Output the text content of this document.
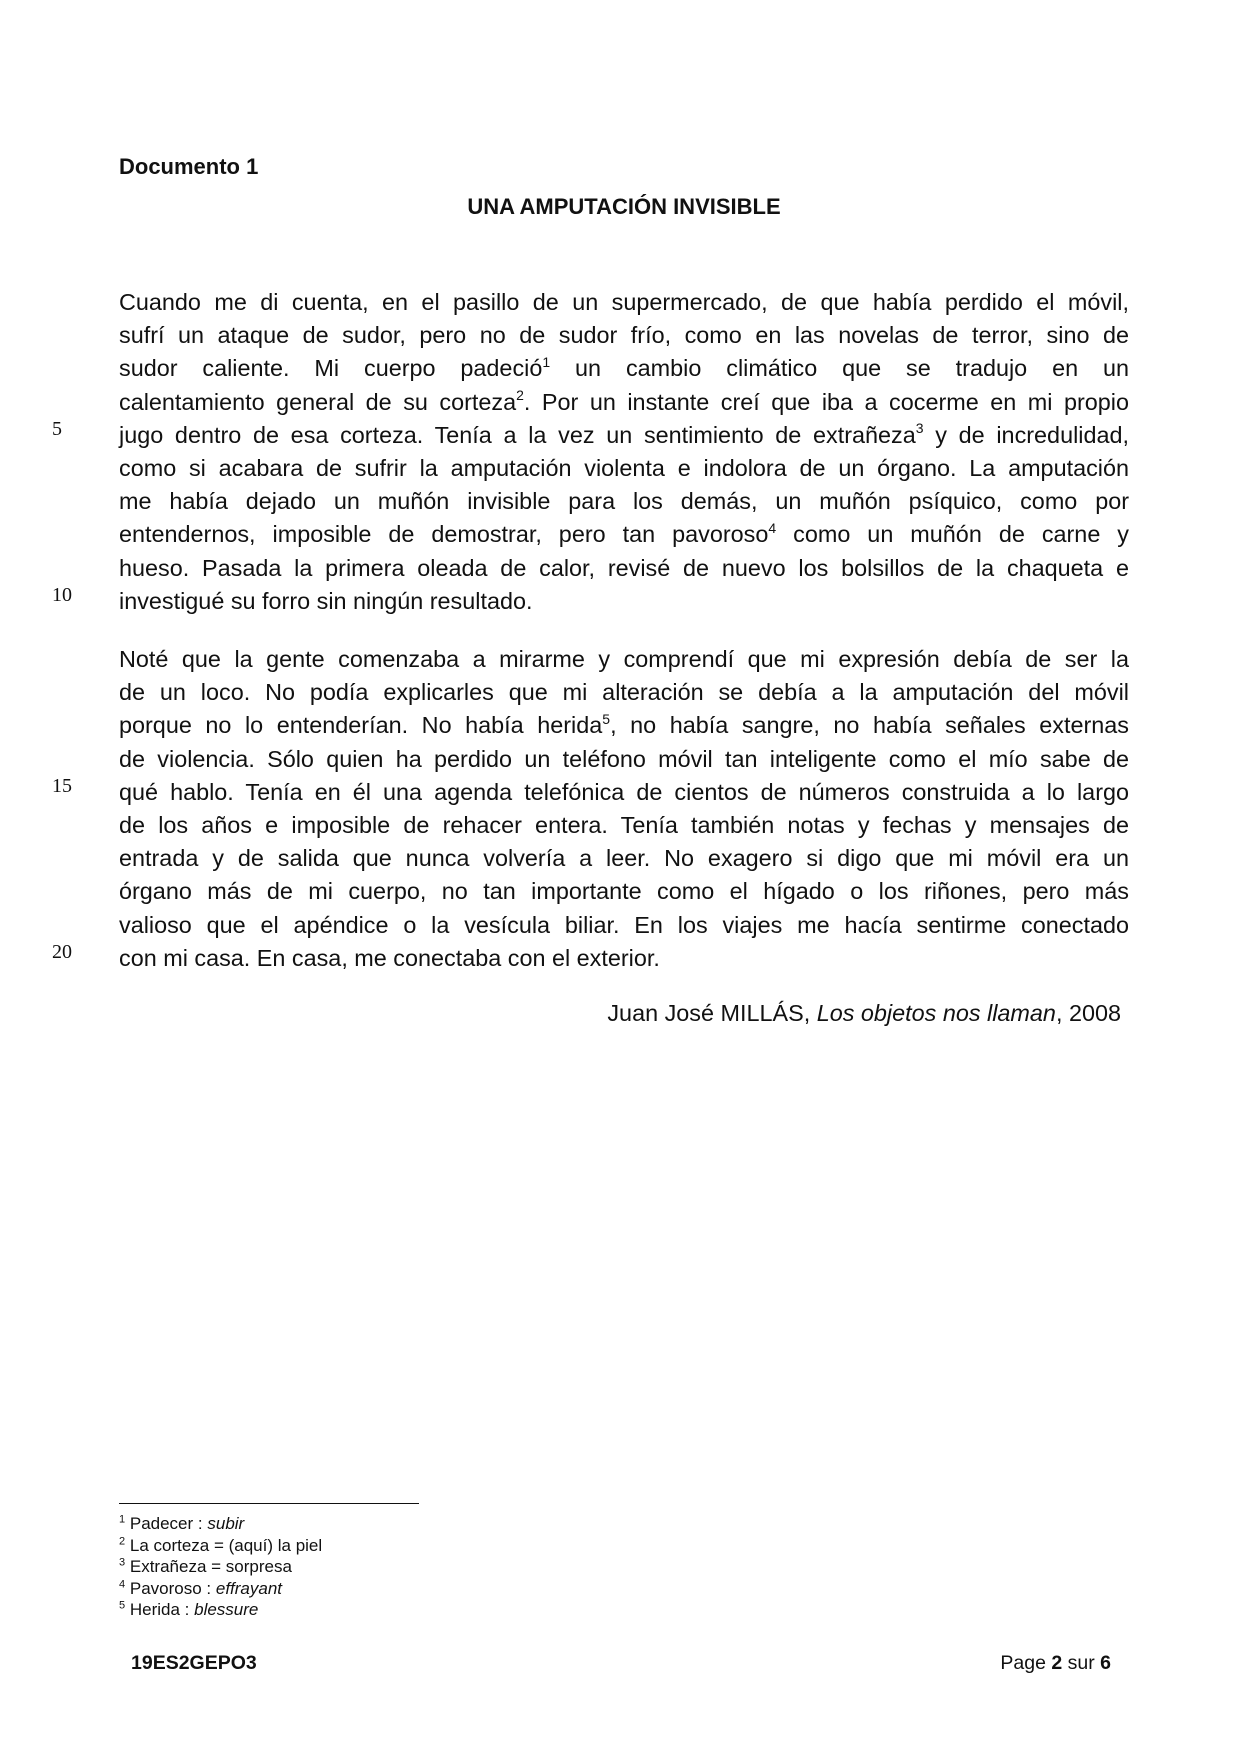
Documento 1
UNA AMPUTACIÓN INVISIBLE
Cuando me di cuenta, en el pasillo de un supermercado, de que había perdido el móvil,
sufrí un ataque de sudor, pero no de sudor frío, como en las novelas de terror, sino de
sudor caliente. Mi cuerpo padeció$^1$ un cambio climático que se tradujo en un
calentamiento general de su corteza$^2$. Por un instante creí que iba a cocerme en mi propio
jugo dentro de esa corteza. Tenía a la vez un sentimiento de extrañeza$^3$ y de incredulidad,
como si acabara de sufrir la amputación violenta e indolora de un órgano. La amputación
me había dejado un muñón invisible para los demás, un muñón psíquico, como por
entendernos, imposible de demostrar, pero tan pavoroso$^4$ como un muñón de carne y
hueso. Pasada la primera oleada de calor, revisé de nuevo los bolsillos de la chaqueta e
investigué su forro sin ningún resultado.
Noté que la gente comenzaba a mirarme y comprendí que mi expresión debía de ser la
de un loco. No podía explicarles que mi alteración se debía a la amputación del móvil
porque no lo entenderían. No había herida$^5$, no había sangre, no había señales externas
de violencia. Sólo quien ha perdido un teléfono móvil tan inteligente como el mío sabe de
qué hablo. Tenía en él una agenda telefónica de cientos de números construida a lo largo
de los años e imposible de rehacer entera. Tenía también notas y fechas y mensajes de
entrada y de salida que nunca volvería a leer. No exagero si digo que mi móvil era un
órgano más de mi cuerpo, no tan importante como el hígado o los riñones, pero más
valioso que el apéndice o la vesícula biliar. En los viajes me hacía sentirme conectado
con mi casa. En casa, me conectaba con el exterior.
5
10
15
20
Juan José MILLÁS, Los objetos nos llaman, 2008
$^1$ Padecer : subir
$^2$ La corteza = (aquí) la piel
$^3$ Extrañeza = sorpresa
$^4$ Pavoroso : effrayant
$^5$ Herida : blessure
19ES2GEPO3	Page 2 sur 6
